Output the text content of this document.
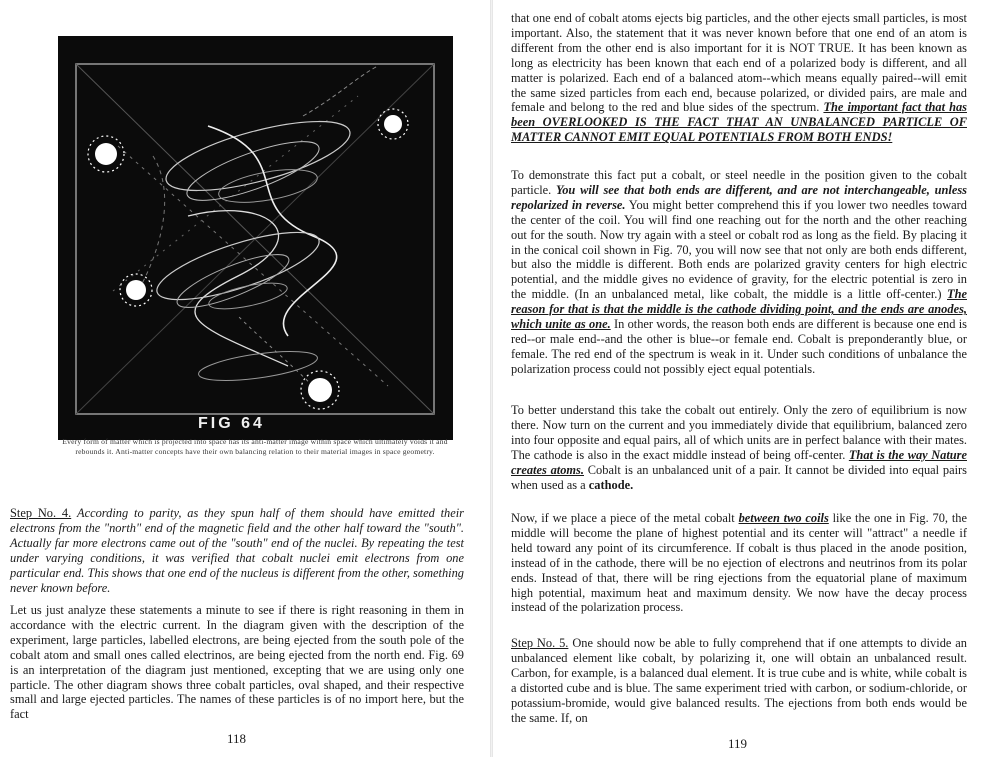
FIG 64
Every form of matter which is projected into space has its anti-matter image within space which ultimately voids it and rebounds it. Anti-matter concepts have their own balancing relation to their material images in space geometry.
Step No. 4. According to parity, as they spun half of them should have emitted their electrons from the "north" end of the magnetic field and the other half toward the "south". Actually far more electrons came out of the "south" end of the nuclei. By repeating the test under varying conditions, it was verified that cobalt nuclei emit electrons from one particular end. This shows that one end of the nucleus is different from the other, something never known before.
Let us just analyze these statements a minute to see if there is right reasoning in them in accordance with the electric current. In the diagram given with the description of the experiment, large particles, labelled electrons, are being ejected from the south pole of the cobalt atom and small ones called electrinos, are being ejected from the north end. Fig. 69 is an interpretation of the diagram just mentioned, excepting that we are using only one particle. The other diagram shows three cobalt particles, oval shaped, and their respective small and large ejected particles. The names of these particles is of no import here, but the fact
118
that one end of cobalt atoms ejects big particles, and the other ejects small particles, is most important. Also, the statement that it was never known before that one end of an atom is different from the other end is also important for it is NOT TRUE. It has been known as long as electricity has been known that each end of a polarized body is different, and all matter is polarized. Each end of a balanced atom--which means equally paired--will emit the same sized particles from each end, because polarized, or divided pairs, are male and female and belong to the red and blue sides of the spectrum. The important fact that has been OVERLOOKED IS THE FACT THAT AN UNBALANCED PARTICLE OF MATTER CANNOT EMIT EQUAL POTENTIALS FROM BOTH ENDS!
To demonstrate this fact put a cobalt, or steel needle in the position given to the cobalt particle. You will see that both ends are different, and are not interchangeable, unless repolarized in reverse. You might better comprehend this if you lower two needles toward the center of the coil. You will find one reaching out for the north and the other reaching out for the south. Now try again with a steel or cobalt rod as long as the field. By placing it in the conical coil shown in Fig. 70, you will now see that not only are both ends different, but also the middle is different. Both ends are polarized gravity centers for high electric potential, and the middle gives no evidence of gravity, for the electric potential is zero in the middle. (In an unbalanced metal, like cobalt, the middle is a little off-center.) The reason for that is that the middle is the cathode dividing point, and the ends are anodes, which unite as one. In other words, the reason both ends are different is because one end is red--or male end--and the other is blue--or female end. Cobalt is preponderantly blue, or female. The red end of the spectrum is weak in it. Under such conditions of unbalance the polarization process could not possibly eject equal potentials.
To better understand this take the cobalt out entirely. Only the zero of equilibrium is now there. Now turn on the current and you immediately divide that equilibrium, balanced zero into four opposite and equal pairs, all of which units are in perfect balance with their mates. The cathode is also in the exact middle instead of being off-center. That is the way Nature creates atoms. Cobalt is an unbalanced unit of a pair. It cannot be divided into equal pairs when used as a cathode.
Now, if we place a piece of the metal cobalt between two coils like the one in Fig. 70, the middle will become the plane of highest potential and its center will "attract" a needle if held toward any point of its circumference. If cobalt is thus placed in the anode position, instead of in the cathode, there will be no ejection of electrons and neutrinos from its polar ends. Instead of that, there will be ring ejections from the equatorial plane of maximum high potential, maximum heat and maximum density. We now have the decay process instead of the polarization process.
Step No. 5. One should now be able to fully comprehend that if one attempts to divide an unbalanced element like cobalt, by polarizing it, one will obtain an unbalanced result. Carbon, for example, is a balanced dual element. It is true cube and is white, while cobalt is a distorted cube and is blue. The same experiment tried with carbon, or sodium-chloride, or potassium-bromide, would give balanced results. The ejections from both ends would be the same. If, on
119
